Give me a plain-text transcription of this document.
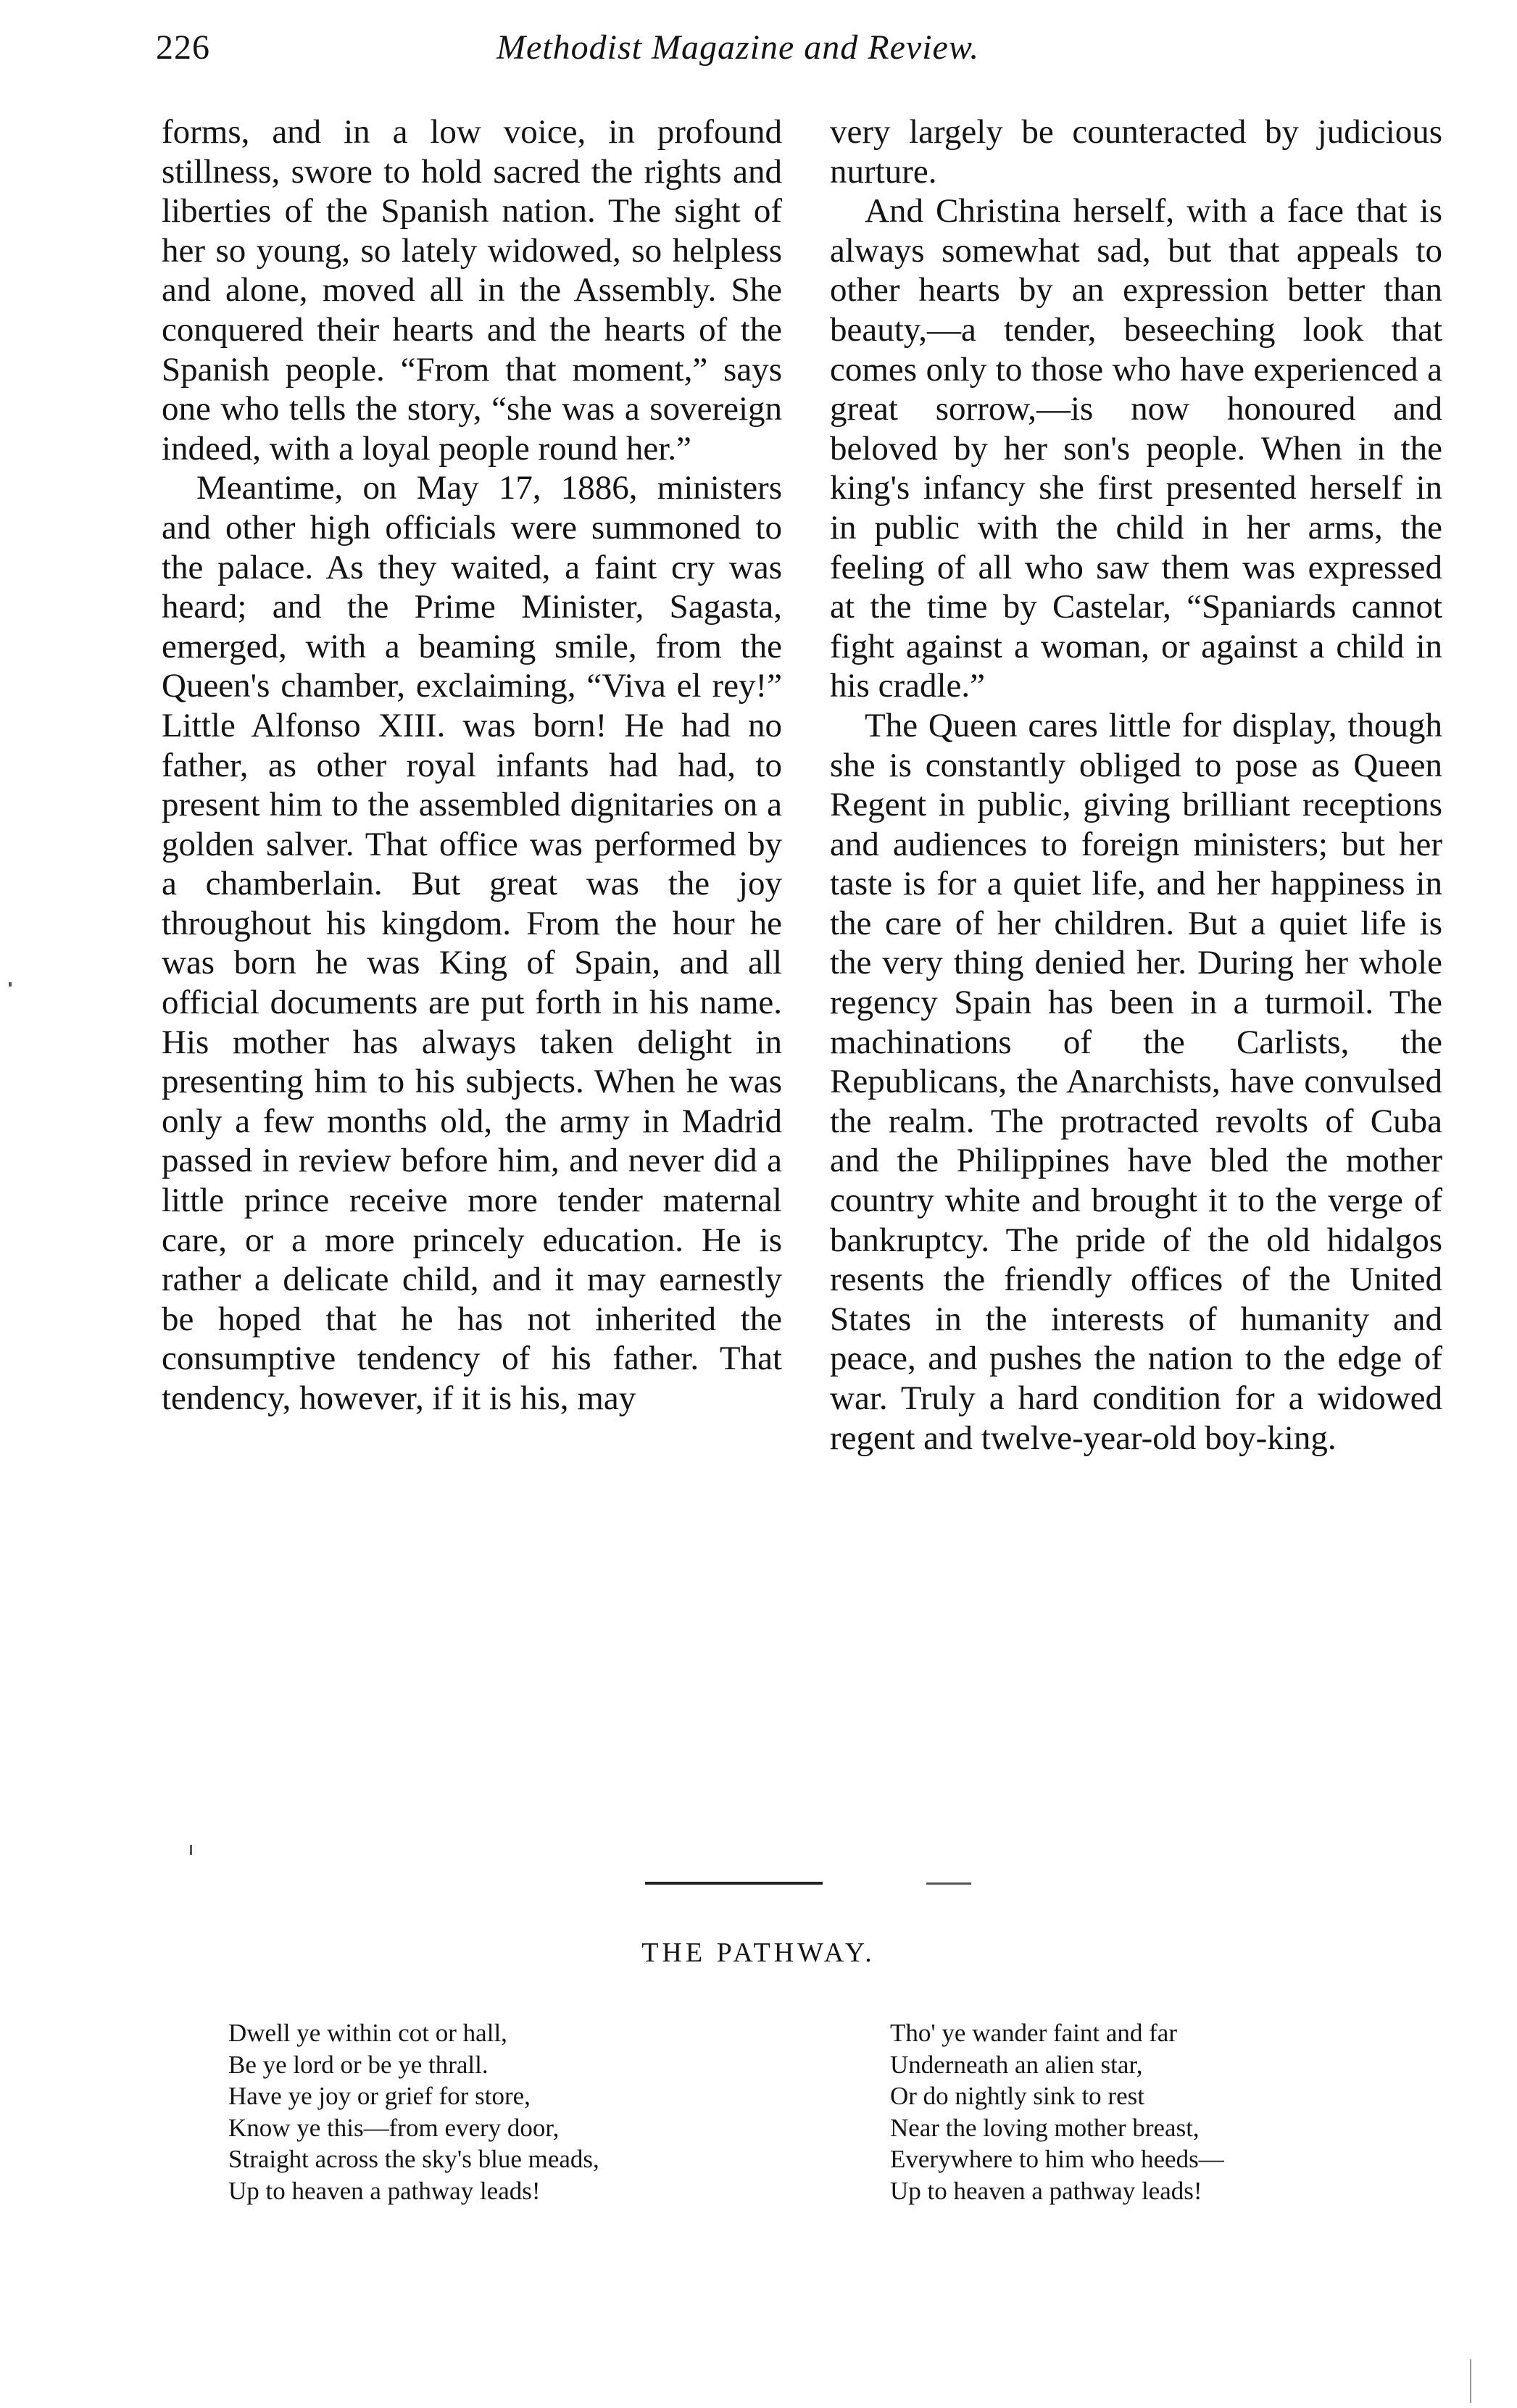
226	Methodist Magazine and Review.

forms, and in a low voice, in profound stillness, swore to hold sacred the rights and liberties of the Spanish nation. The sight of her so young, so lately widowed, so helpless and alone, moved all in the Assembly. She conquered their hearts and the hearts of the Spanish people. “From that moment,” says one who tells the story, “she was a sovereign indeed, with a loyal people round her.”

Meantime, on May 17, 1886, ministers and other high officials were summoned to the palace. As they waited, a faint cry was heard; and the Prime Minister, Sagasta, emerged, with a beaming smile, from the Queen's chamber, exclaiming, “Viva el rey!” Little Alfonso XIII. was born! He had no father, as other royal infants had had, to present him to the assembled dignitaries on a golden salver. That office was performed by a chamberlain. But great was the joy throughout his kingdom. From the hour he was born he was King of Spain, and all official documents are put forth in his name. His mother has always taken delight in presenting him to his subjects. When he was only a few months old, the army in Madrid passed in review before him, and never did a little prince receive more tender maternal care, or a more princely education. He is rather a delicate child, and it may earnestly be hoped that he has not inherited the consumptive tendency of his father. That tendency, however, if it is his, may

very largely be counteracted by judicious nurture.

And Christina herself, with a face that is always somewhat sad, but that appeals to other hearts by an expression better than beauty,—a tender, beseeching look that comes only to those who have experienced a great sorrow,—is now honoured and beloved by her son's people. When in the king's infancy she first presented herself in in public with the child in her arms, the feeling of all who saw them was expressed at the time by Castelar, “Spaniards cannot fight against a woman, or against a child in his cradle.”

The Queen cares little for display, though she is constantly obliged to pose as Queen Regent in public, giving brilliant receptions and audiences to foreign ministers; but her taste is for a quiet life, and her happiness in the care of her children. But a quiet life is the very thing denied her. During her whole regency Spain has been in a turmoil. The machinations of the Carlists, the Republicans, the Anarchists, have convulsed the realm. The protracted revolts of Cuba and the Philippines have bled the mother country white and brought it to the verge of bankruptcy. The pride of the old hidalgos resents the friendly offices of the United States in the interests of humanity and peace, and pushes the nation to the edge of war. Truly a hard condition for a widowed regent and twelve-year-old boy-king.

THE PATHWAY.
Dwell ye within cot or hall,
Be ye lord or be ye thrall.
Have ye joy or grief for store,
Know ye this—from every door,
Straight across the sky's blue meads,
Up to heaven a pathway leads!
Tho' ye wander faint and far
Underneath an alien star,
Or do nightly sink to rest
Near the loving mother breast,
Everywhere to him who heeds—
Up to heaven a pathway leads!
